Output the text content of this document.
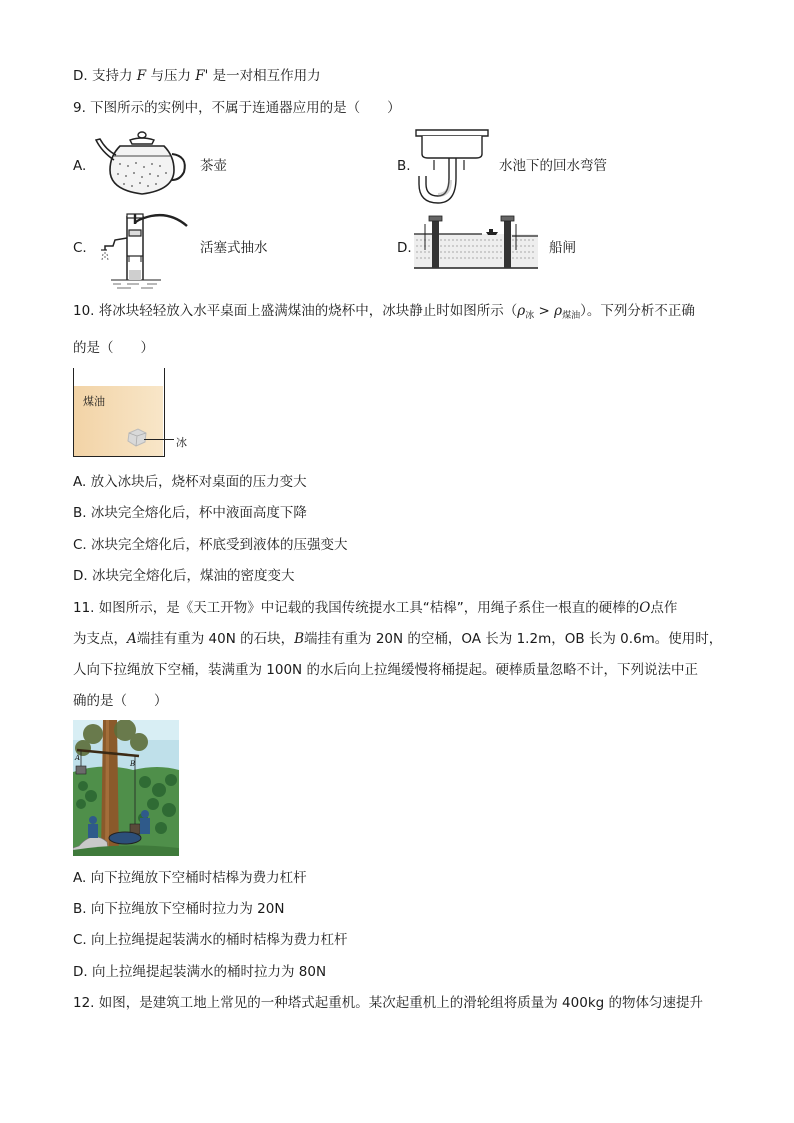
D. 支持力 F 与压力 F' 是一对相互作用力
9. 下图所示的实例中，不属于连通器应用的是（　　）
A.	茶壶	B.	水池下的回水弯管
C.	活塞式抽水	D.	船闸
10. 将冰块轻轻放入水平桌面上盛满煤油的烧杯中，冰块静止时如图所示$(\rho_冰 > \rho_{煤油})$。下列分析不正确
的是（　　）
煤油
冰
A. 放入冰块后，烧杯对桌面的压力变大
B. 冰块完全熔化后，杯中液面高度下降
C. 冰块完全熔化后，杯底受到液体的压强变大
D. 冰块完全熔化后，煤油的密度变大
11. 如图所示，是《天工开物》中记载的我国传统提水工具“桔槔”，用绳子系住一根直的硬棒的O点作
为支点，A端挂有重为 40N 的石块，B端挂有重为 20N 的空桶，OA 长为 1.2m，OB 长为 0.6m。使用时，
人向下拉绳放下空桶，装满重为 100N 的水后向上拉绳缓慢将桶提起。硬棒质量忽略不计，下列说法中正
确的是（　　）
A
B
A. 向下拉绳放下空桶时桔槔为费力杠杆
B. 向下拉绳放下空桶时拉力为 20N
C. 向上拉绳提起装满水的桶时桔槔为费力杠杆
D. 向上拉绳提起装满水的桶时拉力为 80N
12. 如图，是建筑工地上常见的一种塔式起重机。某次起重机上的滑轮组将质量为 400kg 的物体匀速提升
